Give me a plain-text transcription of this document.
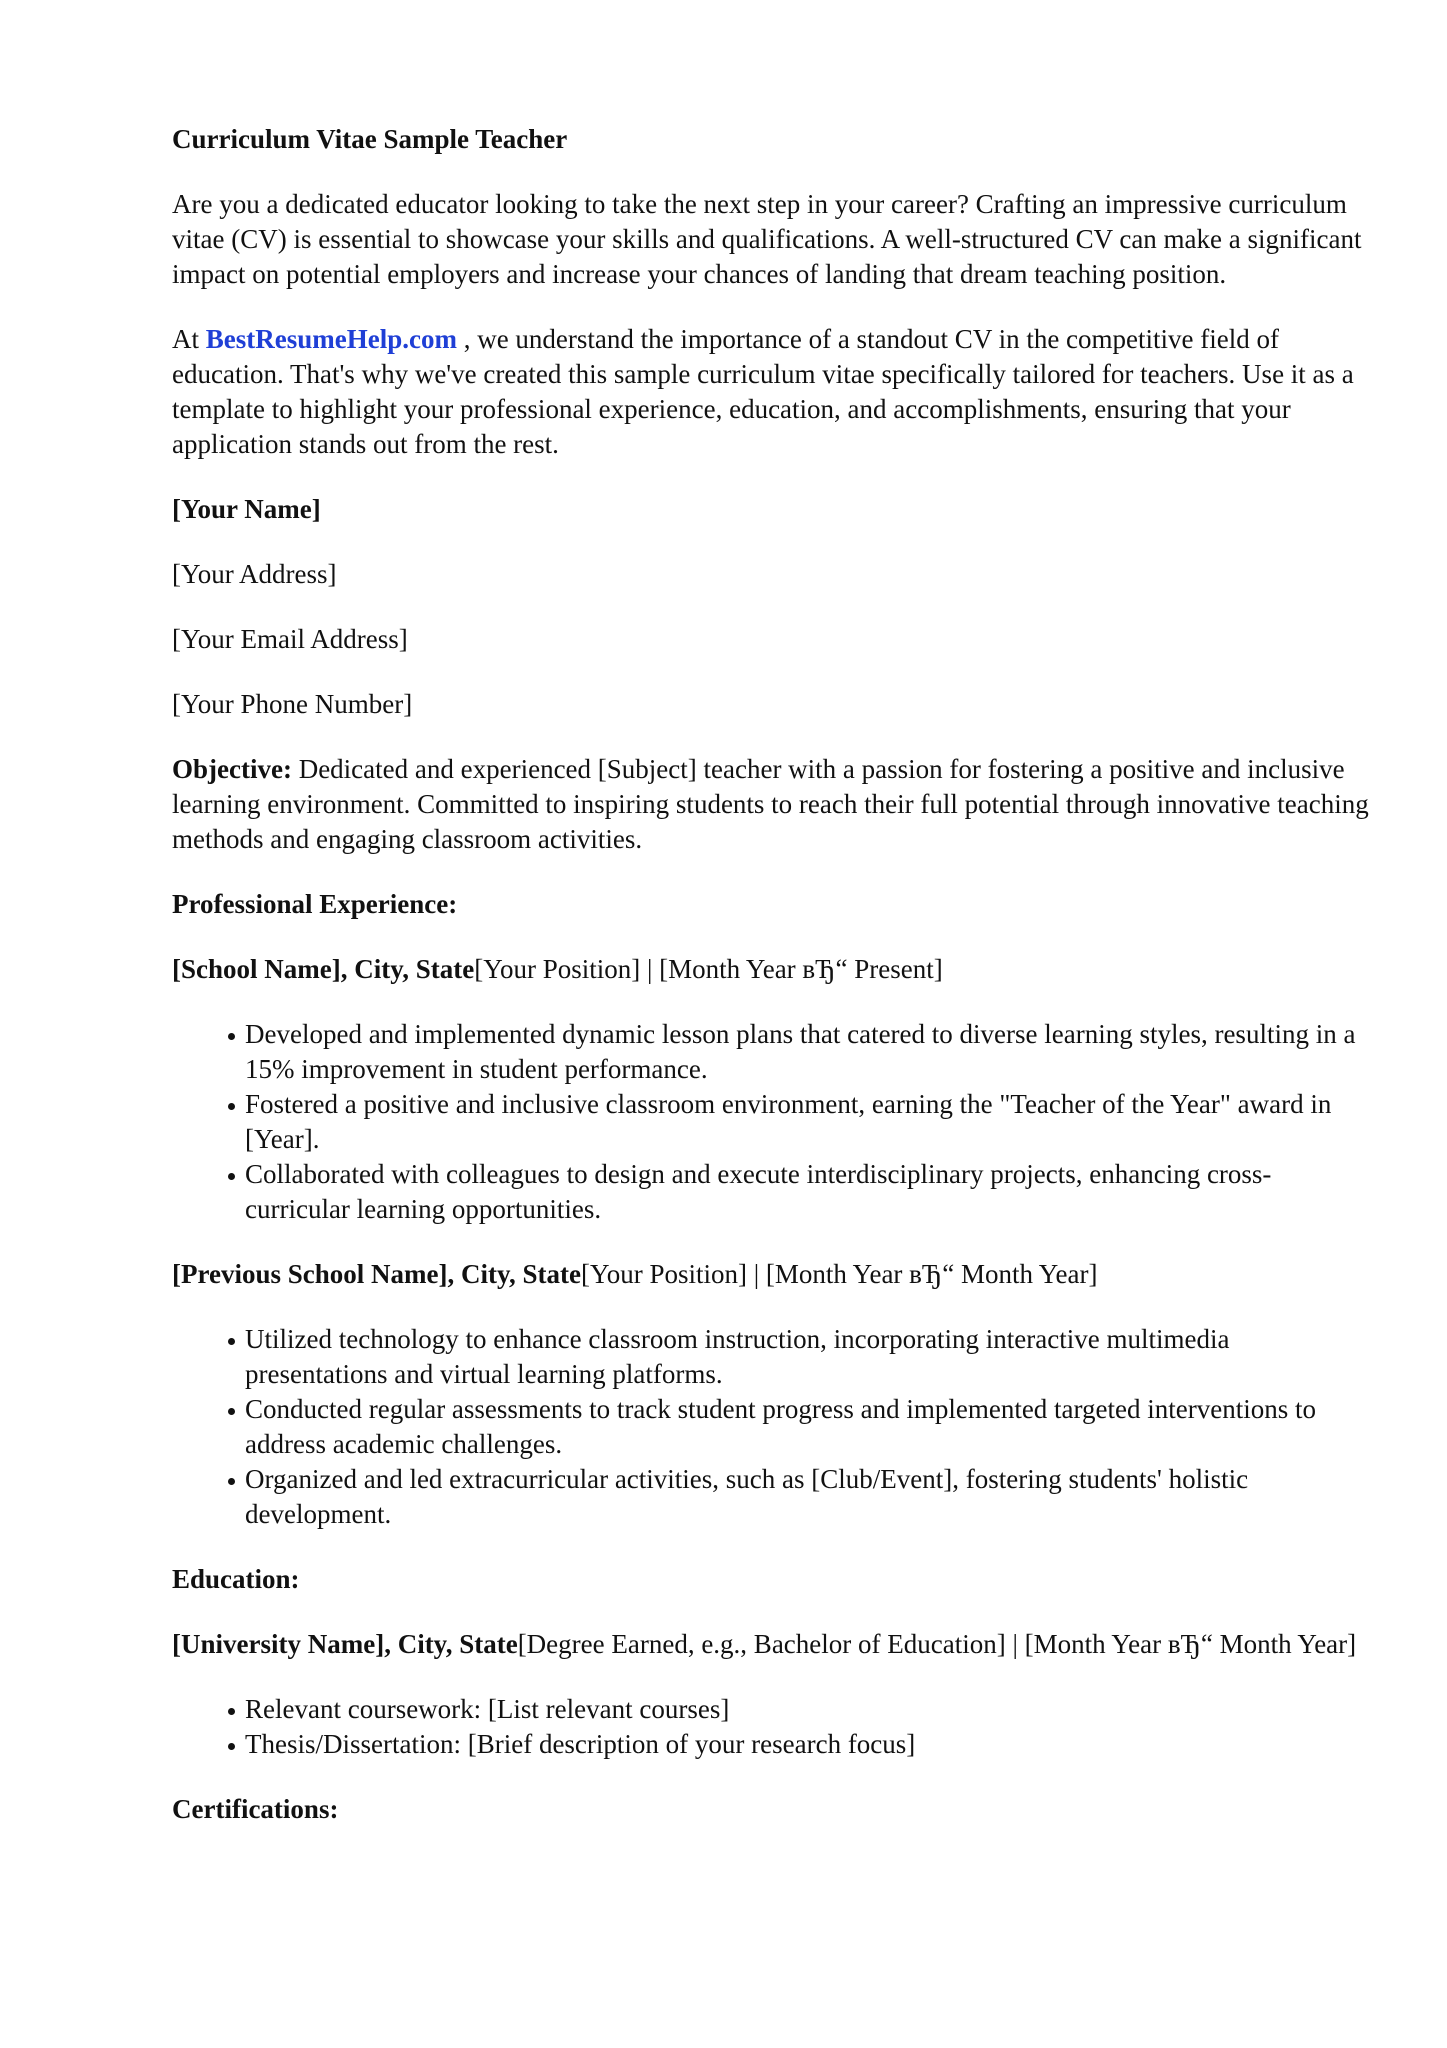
Curriculum Vitae Sample Teacher

Are you a dedicated educator looking to take the next step in your career? Crafting an impressive curriculum vitae (CV) is essential to showcase your skills and qualifications. A well-structured CV can make a significant impact on potential employers and increase your chances of landing that dream teaching position.

At BestResumeHelp.com , we understand the importance of a standout CV in the competitive field of education. That's why we've created this sample curriculum vitae specifically tailored for teachers. Use it as a template to highlight your professional experience, education, and accomplishments, ensuring that your application stands out from the rest.

[Your Name]

[Your Address]

[Your Email Address]

[Your Phone Number]

Objective: Dedicated and experienced [Subject] teacher with a passion for fostering a positive and inclusive learning environment. Committed to inspiring students to reach their full potential through innovative teaching methods and engaging classroom activities.

Professional Experience:

[School Name], City, State[Your Position] | [Month Year вЂ“ Present]

Developed and implemented dynamic lesson plans that catered to diverse learning styles, resulting in a 15% improvement in student performance.
Fostered a positive and inclusive classroom environment, earning the "Teacher of the Year" award in [Year].
Collaborated with colleagues to design and execute interdisciplinary projects, enhancing cross-curricular learning opportunities.

[Previous School Name], City, State[Your Position] | [Month Year вЂ“ Month Year]

Utilized technology to enhance classroom instruction, incorporating interactive multimedia presentations and virtual learning platforms.
Conducted regular assessments to track student progress and implemented targeted interventions to address academic challenges.
Organized and led extracurricular activities, such as [Club/Event], fostering students' holistic development.

Education:

[University Name], City, State[Degree Earned, e.g., Bachelor of Education] | [Month Year вЂ“ Month Year]

Relevant coursework: [List relevant courses]
Thesis/Dissertation: [Brief description of your research focus]

Certifications:
